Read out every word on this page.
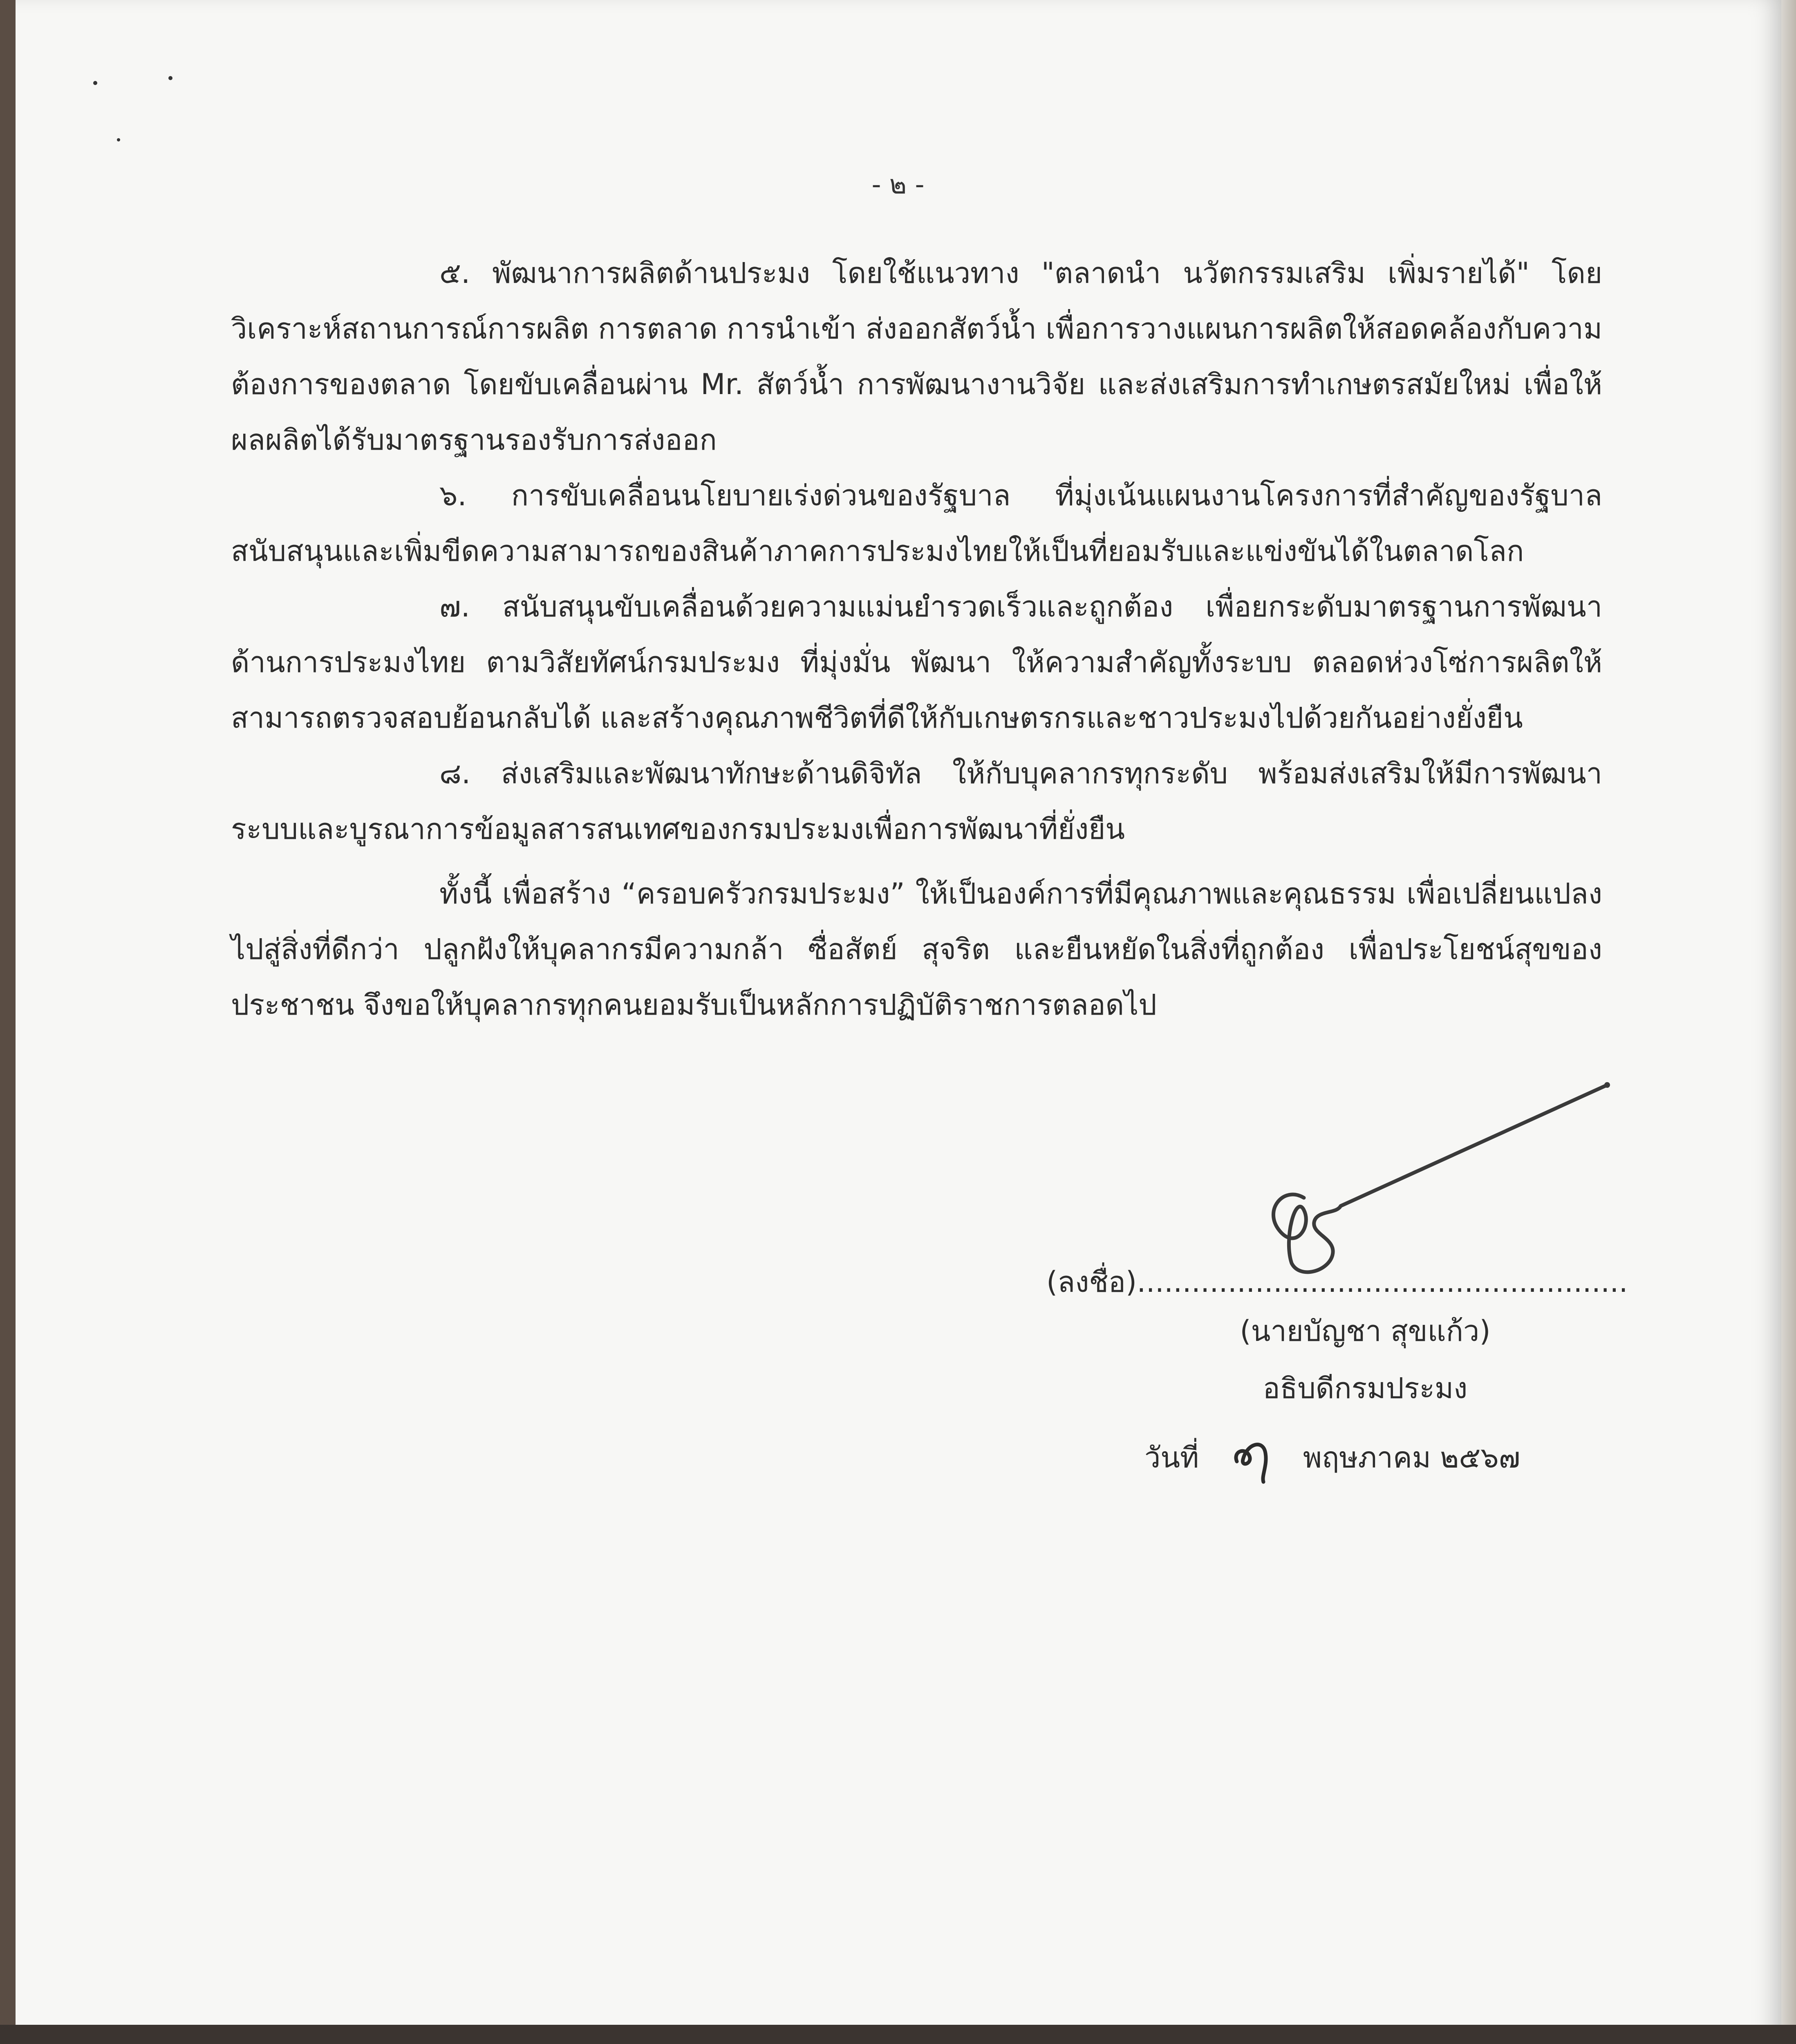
- ๒ -

๕. พัฒนาการผลิตด้านประมง โดยใช้แนวทาง "ตลาดนำ นวัตกรรมเสริม เพิ่มรายได้" โดยวิเคราะห์สถานการณ์การผลิต การตลาด การนำเข้า ส่งออกสัตว์น้ำ เพื่อการวางแผนการผลิตให้สอดคล้องกับความต้องการของตลาด โดยขับเคลื่อนผ่าน Mr. สัตว์น้ำ การพัฒนางานวิจัย และส่งเสริมการทำเกษตรสมัยใหม่ เพื่อให้ผลผลิตได้รับมาตรฐานรองรับการส่งออก

๖. การขับเคลื่อนนโยบายเร่งด่วนของรัฐบาล ที่มุ่งเน้นแผนงานโครงการที่สำคัญของรัฐบาล สนับสนุนและเพิ่มขีดความสามารถของสินค้าภาคการประมงไทยให้เป็นที่ยอมรับและแข่งขันได้ในตลาดโลก

๗. สนับสนุนขับเคลื่อนด้วยความแม่นยำรวดเร็วและถูกต้อง เพื่อยกระดับมาตรฐานการพัฒนาด้านการประมงไทย ตามวิสัยทัศน์กรมประมง ที่มุ่งมั่น พัฒนา ให้ความสำคัญทั้งระบบ ตลอดห่วงโซ่การผลิตให้สามารถตรวจสอบย้อนกลับได้ และสร้างคุณภาพชีวิตที่ดีให้กับเกษตรกรและชาวประมงไปด้วยกันอย่างยั่งยืน

๘. ส่งเสริมและพัฒนาทักษะด้านดิจิทัล ให้กับบุคลากรทุกระดับ พร้อมส่งเสริมให้มีการพัฒนาระบบและบูรณาการข้อมูลสารสนเทศของกรมประมงเพื่อการพัฒนาที่ยั่งยืน

ทั้งนี้ เพื่อสร้าง “ครอบครัวกรมประมง” ให้เป็นองค์การที่มีคุณภาพและคุณธรรม เพื่อเปลี่ยนแปลงไปสู่สิ่งที่ดีกว่า ปลูกฝังให้บุคลากรมีความกล้า ซื่อสัตย์ สุจริต และยืนหยัดในสิ่งที่ถูกต้อง เพื่อประโยชน์สุขของประชาชน จึงขอให้บุคลากรทุกคนยอมรับเป็นหลักการปฏิบัติราชการตลอดไป

(ลงชื่อ)......................................................
(นายบัญชา สุขแก้ว)
อธิบดีกรมประมง
วันที่	พฤษภาคม ๒๕๖๗
